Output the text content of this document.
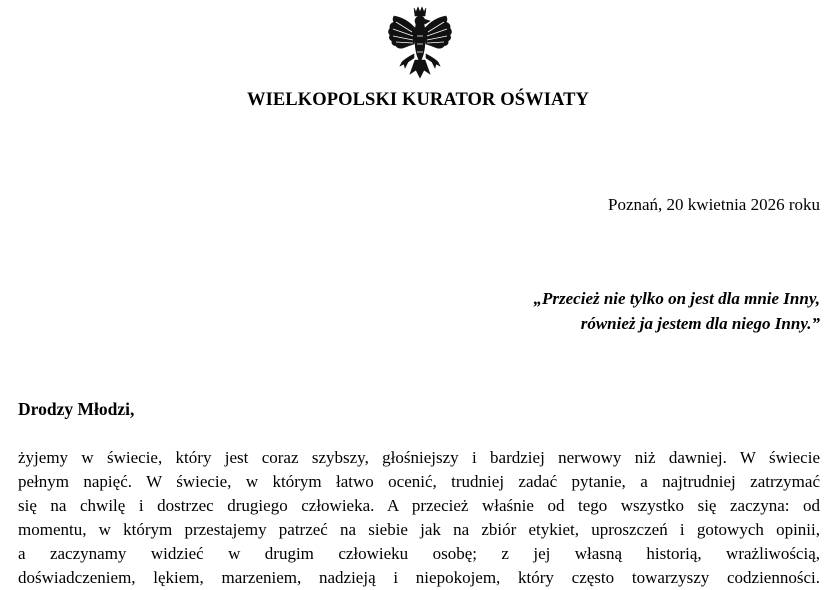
WIELKOPOLSKI KURATOR OŚWIATY
Poznań, 20 kwietnia 2026 roku
„Przecież nie tylko on jest dla mnie Inny,
również ja jestem dla niego Inny.”
Drodzy Młodzi,
żyjemy w świecie, który jest coraz szybszy, głośniejszy i bardziej nerwowy niż dawniej. W świecie
pełnym napięć. W świecie, w którym łatwo ocenić, trudniej zadać pytanie, a najtrudniej zatrzymać
się na chwilę i dostrzec drugiego człowieka. A przecież właśnie od tego wszystko się zaczyna: od
momentu, w którym przestajemy patrzeć na siebie jak na zbiór etykiet, uproszczeń i gotowych opinii,
a zaczynamy widzieć w drugim człowieku osobę; z jej własną historią, wrażliwością,
doświadczeniem, lękiem, marzeniem, nadzieją i niepokojem, który często towarzyszy codzienności.
